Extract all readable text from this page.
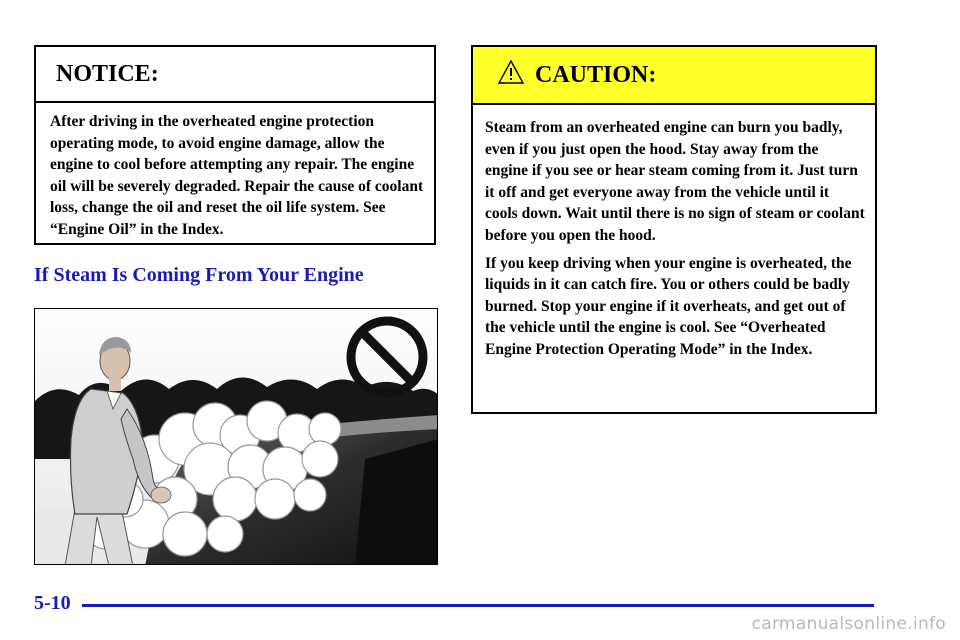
NOTICE:
After driving in the overheated engine protection operating mode, to avoid engine damage, allow the engine to cool before attempting any repair. The engine oil will be severely degraded. Repair the cause of coolant loss, change the oil and reset the oil life system. See “Engine Oil” in the Index.
If Steam Is Coming From Your Engine
CAUTION:

Steam from an overheated engine can burn you badly, even if you just open the hood. Stay away from the engine if you see or hear steam coming from it. Just turn it off and get everyone away from the vehicle until it cools down. Wait until there is no sign of steam or coolant before you open the hood.

If you keep driving when your engine is overheated, the liquids in it can catch fire. You or others could be badly burned. Stop your engine if it overheats, and get out of the vehicle until the engine is cool. See “Overheated Engine Protection Operating Mode” in the Index.

5-10
carmanualsonline.info
